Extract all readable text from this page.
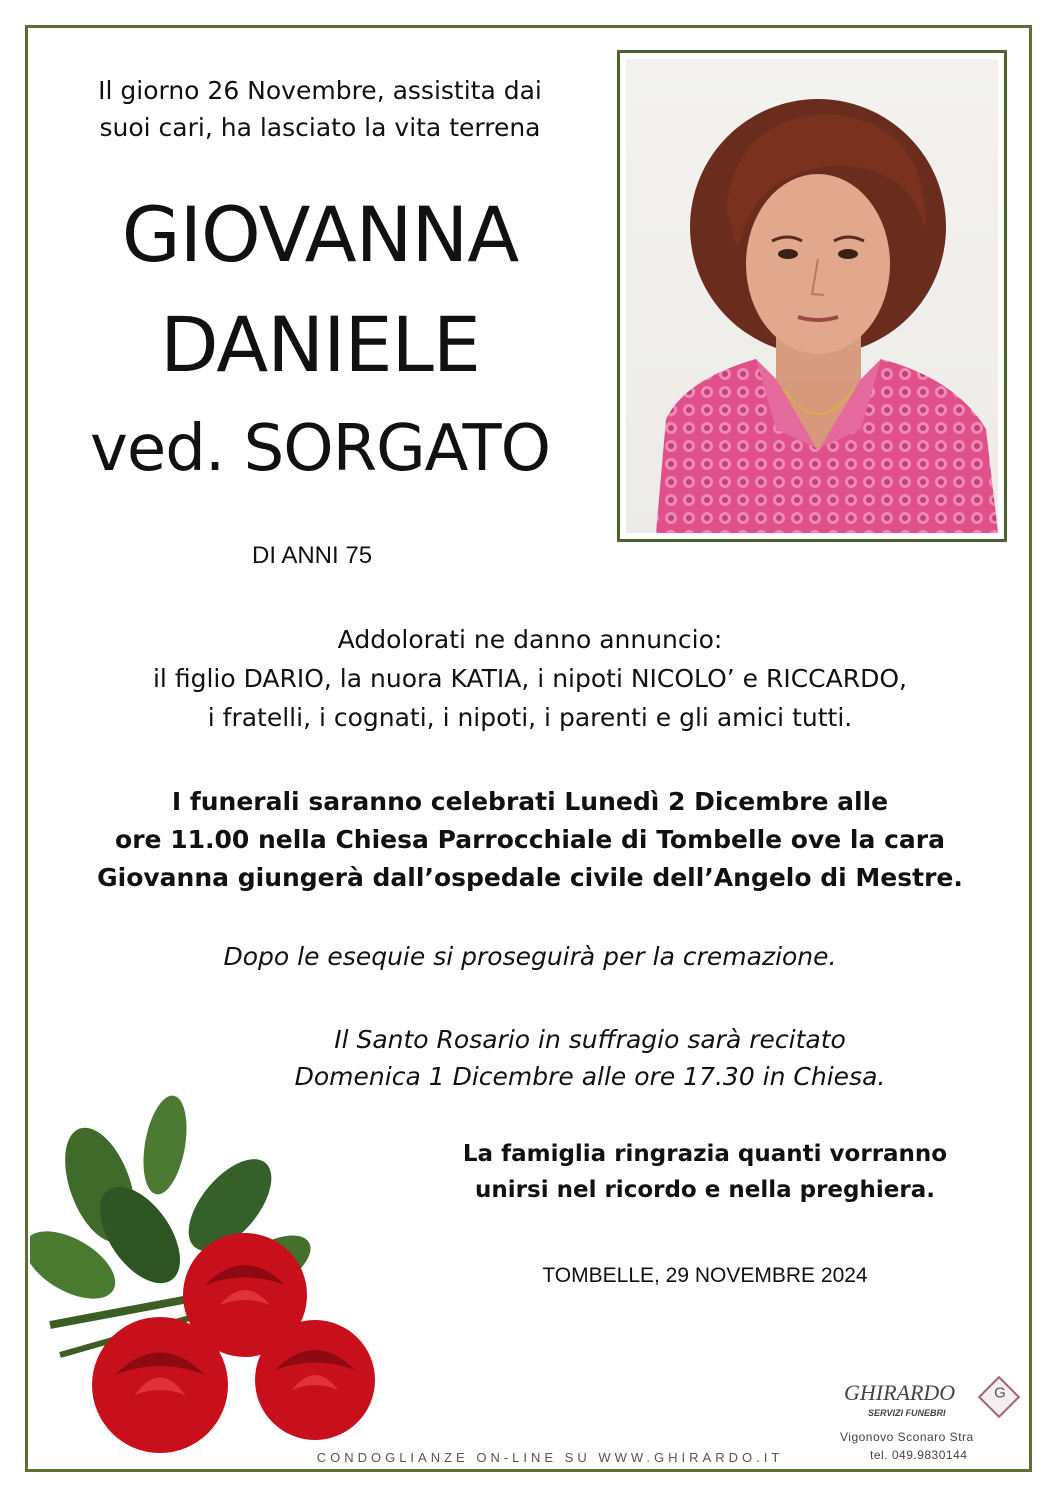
Il giorno 26 Novembre, assistita dai
suoi cari, ha lasciato la vita terrena
GIOVANNA
DANIELE
ved. SORGATO
DI ANNI 75
Addolorati ne danno annuncio:
il figlio DARIO, la nuora KATIA, i nipoti NICOLO’ e RICCARDO,
i fratelli, i cognati, i nipoti, i parenti e gli amici tutti.
I funerali saranno celebrati Lunedì 2 Dicembre alle
ore 11.00 nella Chiesa Parrocchiale di Tombelle ove la cara
Giovanna giungerà dall’ospedale civile dell’Angelo di Mestre.
Dopo le esequie si proseguirà per la cremazione.
Il Santo Rosario in suffragio sarà recitato
Domenica 1 Dicembre alle ore 17.30 in Chiesa.
La famiglia ringrazia quanti vorranno
unirsi nel ricordo e nella preghiera.
TOMBELLE, 29 NOVEMBRE 2024
CONDOGLIANZE ON-LINE SU WWW.GHIRARDO.IT
GHIRARDO
SERVIZI FUNEBRI
G
Vigonovo Sconaro Stra
tel. 049.9830144
